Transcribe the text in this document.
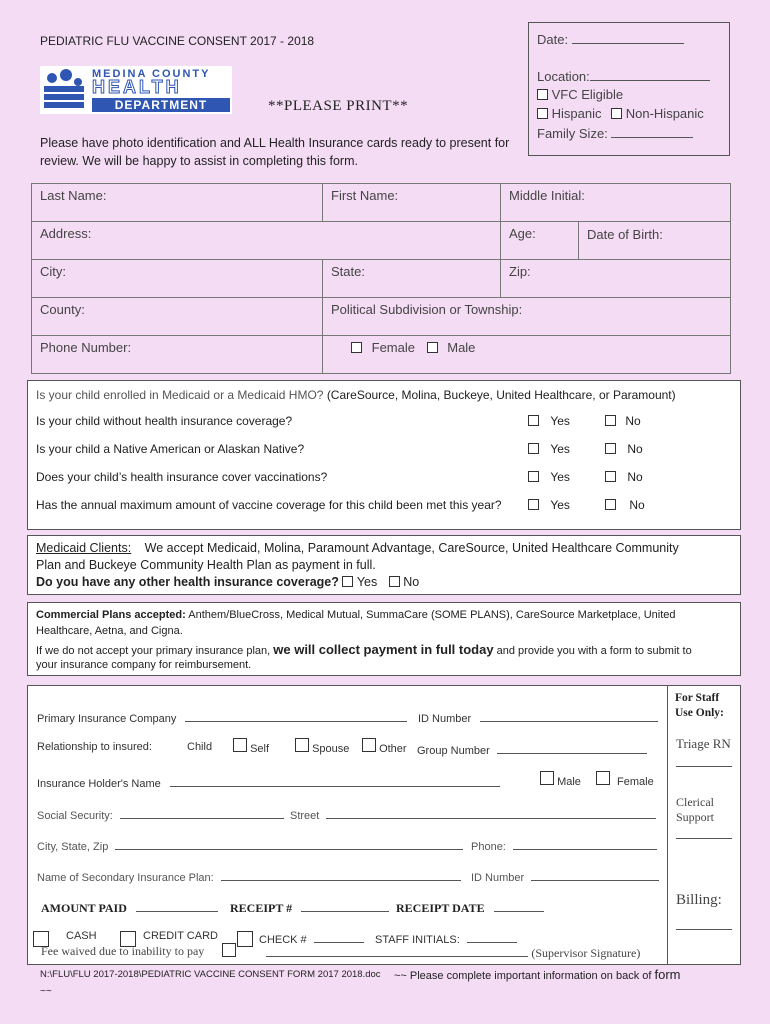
PEDIATRIC FLU VACCINE CONSENT 2017 - 2018
MEDINA COUNTY
HEALTH
DEPARTMENT	**PLEASE PRINT**
Please have photo identification and ALL Health Insurance cards ready to present for review. We will be happy to assist in completing this form.
Date:
Location:
VFC Eligible
Hispanic Non-Hispanic
Family Size:
Last Name:	First Name:	Middle Initial:
Address:	Age:	Date of Birth:
City:	State:	Zip:
County:	Political Subdivision or Township:
Phone Number:	Female Male
Is your child enrolled in Medicaid or a Medicaid HMO? (CareSource, Molina, Buckeye, United Healthcare, or Paramount)
Is your child without health insurance coverage?	Yes	No
Is your child a Native American or Alaskan Native?	Yes	No
Does your child’s health insurance cover vaccinations?	Yes	No
Has the annual maximum amount of vaccine coverage for this child been met this year?	Yes	No
Medicaid Clients: We accept Medicaid, Molina, Paramount Advantage, CareSource, United Healthcare Community
Plan and Buckeye Community Health Plan as payment in full.
Do you have any other health insurance coverage? Yes No
Commercial Plans accepted: Anthem/BlueCross, Medical Mutual, SummaCare (SOME PLANS), CareSource Marketplace, United
Healthcare, Aetna, and Cigna.
If we do not accept your primary insurance plan, we will collect payment in full today and provide you with a form to submit to
your insurance company for reimbursement.
Primary Insurance Company	ID Number
Relationship to insured:	Child	Self	Spouse	Other Group Number
Insurance Holder's Name	Male	Female
Social Security:	Street
City, State, Zip	Phone:
Name of Secondary Insurance Plan:	ID Number
AMOUNT PAID	RECEIPT #	RECEIPT DATE
CASH	CREDIT CARD	CHECK #	STAFF INITIALS:
Fee waived due to inability to pay	(Supervisor Signature)
For Staff Use Only:
Triage RN
Clerical Support
Billing:
N:\FLU\FLU 2017-2018\PEDIATRIC VACCINE CONSENT FORM 2017 2018.doc ~~ Please complete important information on back of form
~~
